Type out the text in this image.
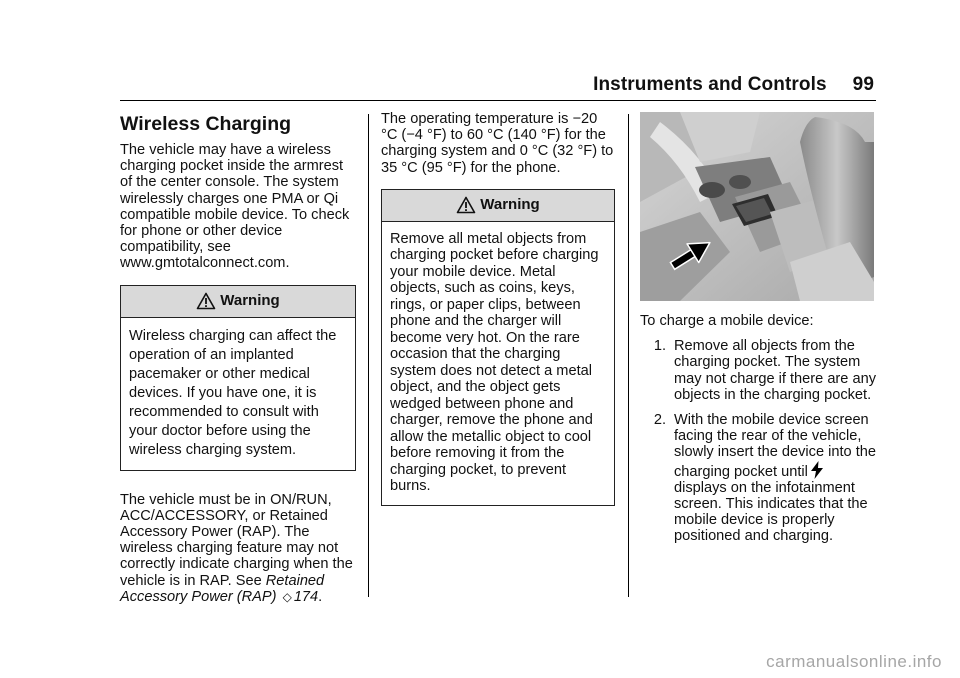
Instruments and Controls 99
Wireless Charging

The vehicle may have a wireless charging pocket inside the armrest of the center console. The system wirelessly charges one PMA or Qi compatible mobile device. To check for phone or other device compatibility, see www.gmtotalconnect.com.

Warning
Wireless charging can affect the operation of an implanted pacemaker or other medical devices. If you have one, it is recommended to consult with your doctor before using the wireless charging system.

The vehicle must be in ON/RUN, ACC/ACCESSORY, or Retained Accessory Power (RAP). The wireless charging feature may not correctly indicate charging when the vehicle is in RAP. See Retained Accessory Power (RAP) ◇ 174.

The operating temperature is −20 °C (−4 °F) to 60 °C (140 °F) for the charging system and 0 °C (32 °F) to 35 °C (95 °F) for the phone.

Warning
Remove all metal objects from charging pocket before charging your mobile device. Metal objects, such as coins, keys, rings, or paper clips, between phone and the charger will become very hot. On the rare occasion that the charging system does not detect a metal object, and the object gets wedged between phone and charger, remove the phone and allow the metallic object to cool before removing it from the charging pocket, to prevent burns.

To charge a mobile device:

1. Remove all objects from the charging pocket. The system may not charge if there are any objects in the charging pocket.
2. With the mobile device screen facing the rear of the vehicle, slowly insert the device into the charging pocket until displays on the infotainment screen. This indicates that the mobile device is properly positioned and charging.
carmanualsonline.info
